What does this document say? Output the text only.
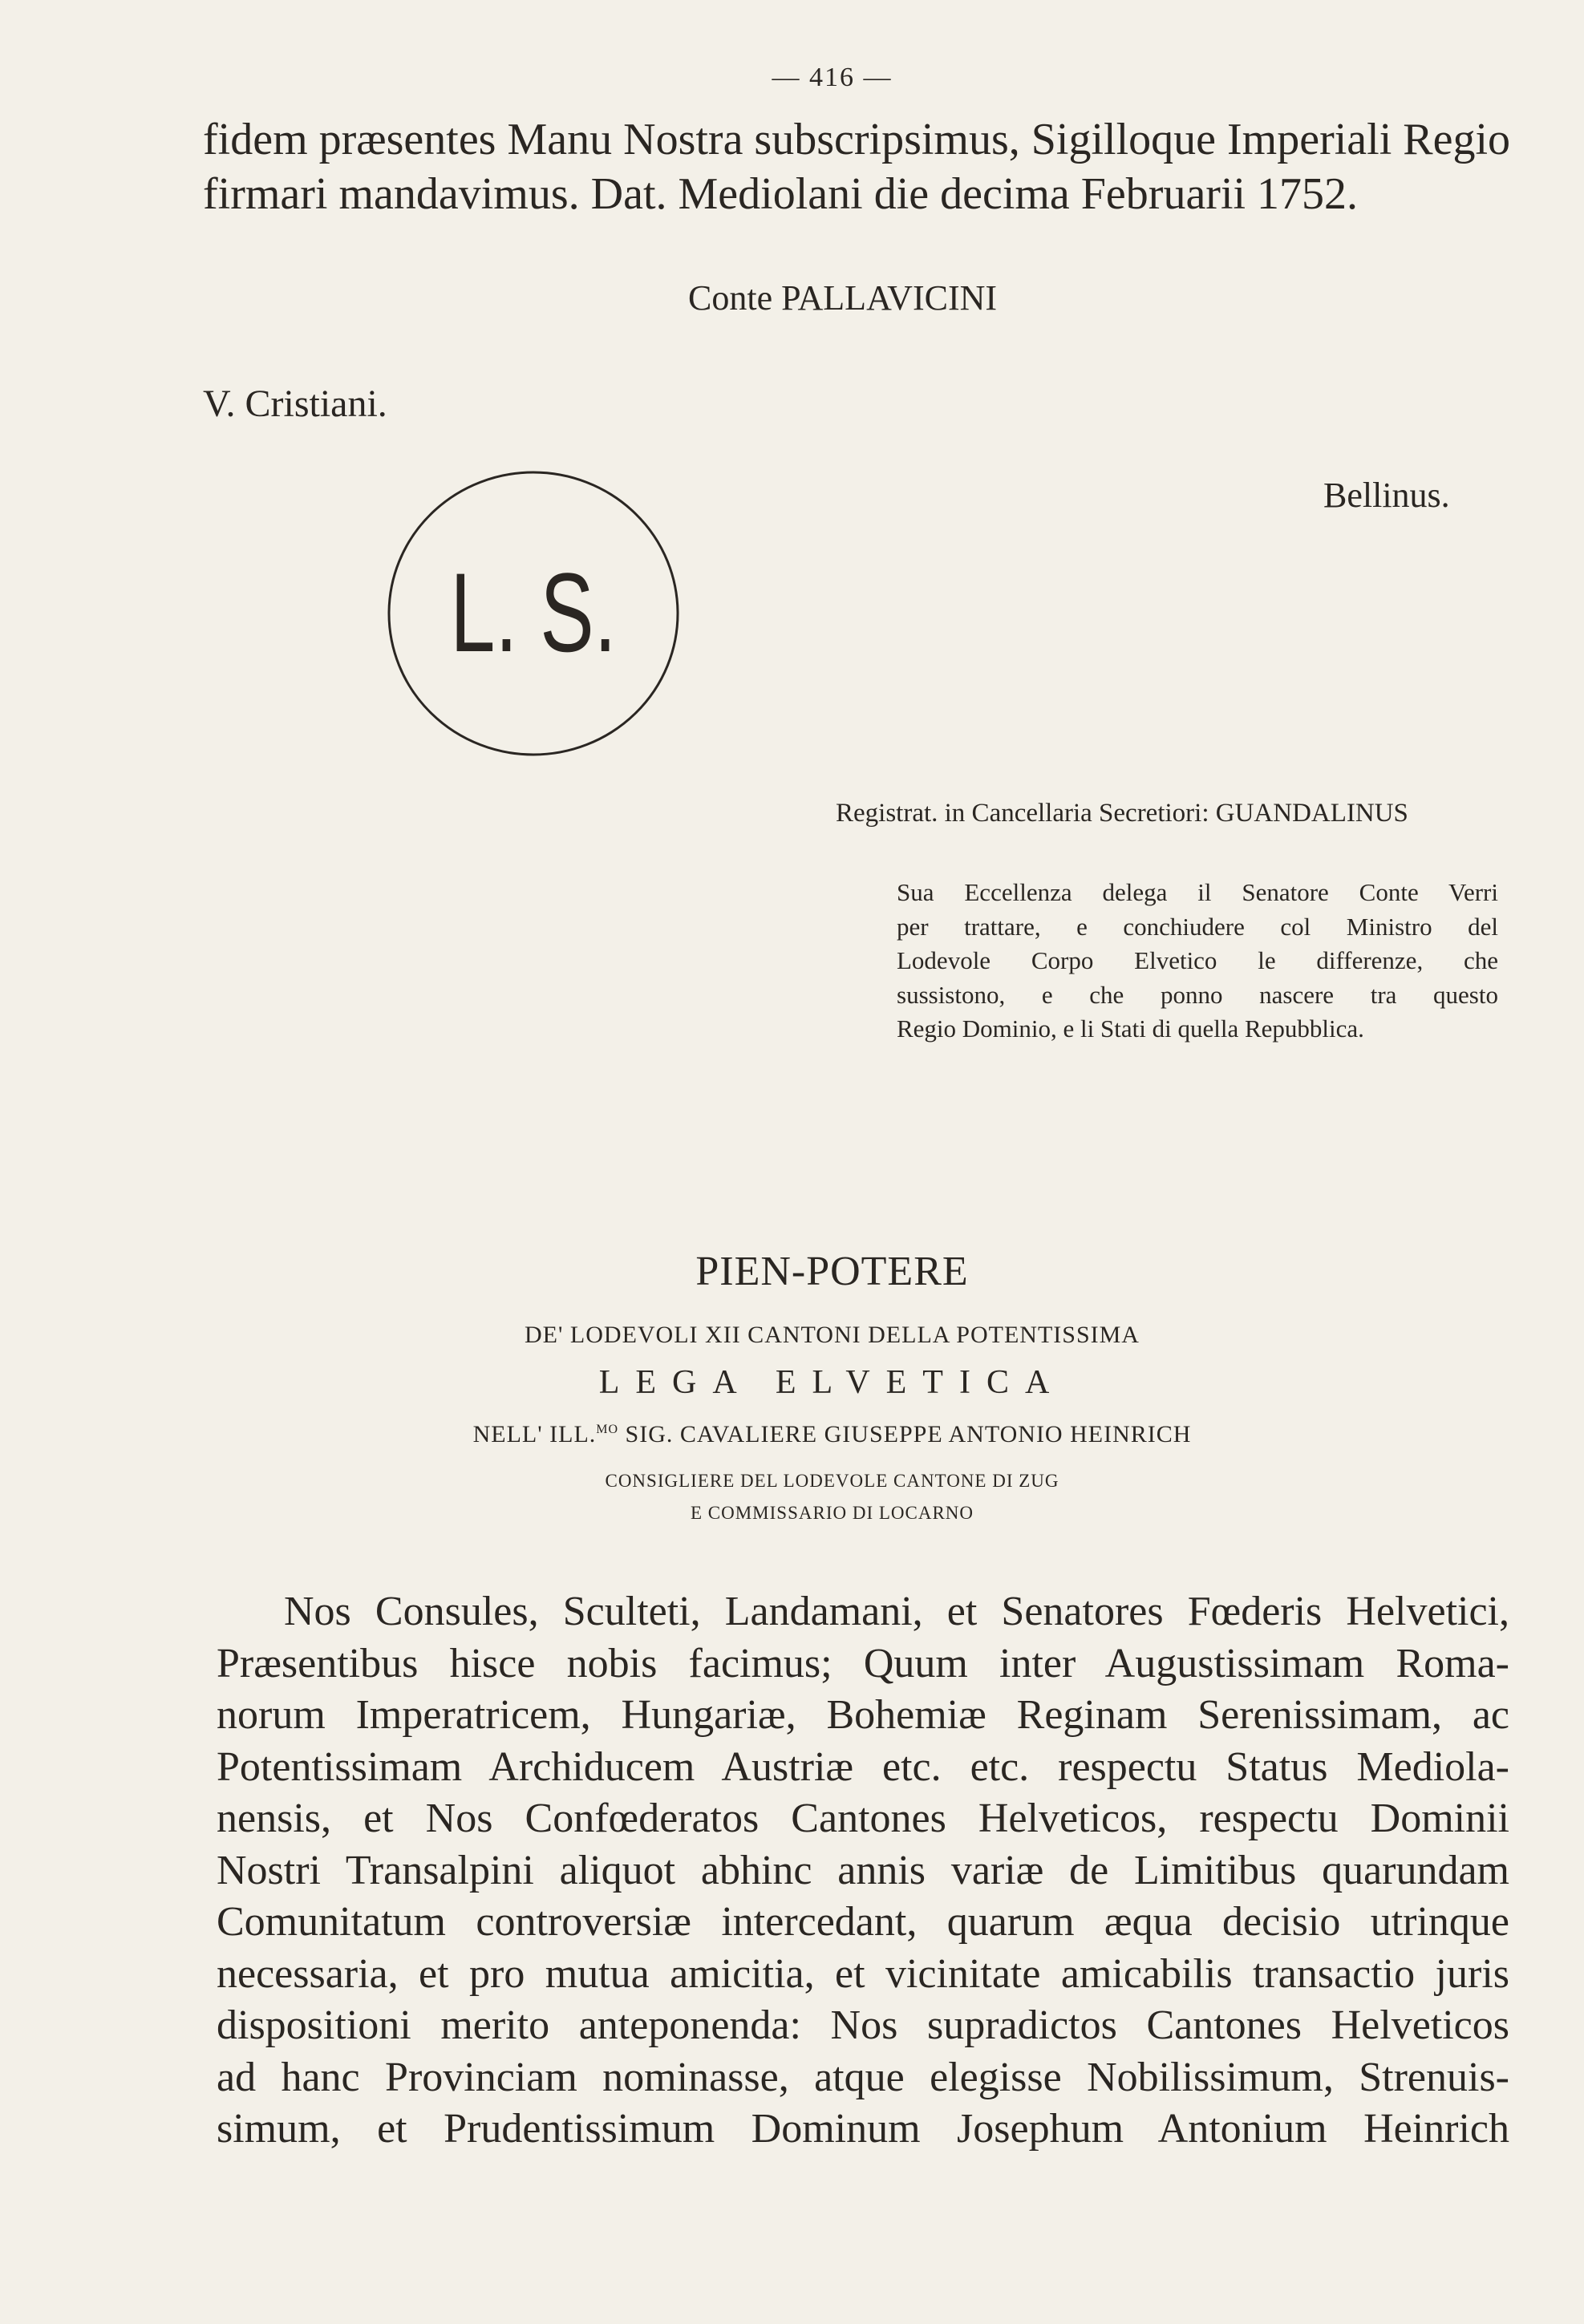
— 416 —
fidem præsentes Manu Nostra subscripsimus, Sigilloque Imperiali Regio
firmari mandavimus. Dat. Mediolani die decima Februarii 1752.
Conte PALLAVICINI
V. Cristiani.
Bellinus.
L. S.
Registrat. in Cancellaria Secretiori: GUANDALINUS
Sua Eccellenza delega il Senatore Conte Verri
per trattare, e conchiudere col Ministro del
Lodevole Corpo Elvetico le differenze, che
sussistono, e che ponno nascere tra questo
Regio Dominio, e li Stati di quella Repubblica.
PIEN-POTERE
DE' LODEVOLI XII CANTONI DELLA POTENTISSIMA
LEGA ELVETICA
NELL' ILL.$^{MO}$ SIG. CAVALIERE GIUSEPPE ANTONIO HEINRICH
CONSIGLIERE DEL LODEVOLE CANTONE DI ZUG
E COMMISSARIO DI LOCARNO
Nos Consules, Sculteti, Landamani, et Senatores Fœderis Helvetici,
Præsentibus hisce nobis facimus; Quum inter Augustissimam Roma-
norum Imperatricem, Hungariæ, Bohemiæ Reginam Serenissimam, ac
Potentissimam Archiducem Austriæ etc. etc. respectu Status Mediola-
nensis, et Nos Confœderatos Cantones Helveticos, respectu Dominii
Nostri Transalpini aliquot abhinc annis variæ de Limitibus quarundam
Comunitatum controversiæ intercedant, quarum æqua decisio utrinque
necessaria, et pro mutua amicitia, et vicinitate amicabilis transactio juris
dispositioni merito anteponenda: Nos supradictos Cantones Helveticos
ad hanc Provinciam nominasse, atque elegisse Nobilissimum, Strenuis-
simum, et Prudentissimum Dominum Josephum Antonium Heinrich
